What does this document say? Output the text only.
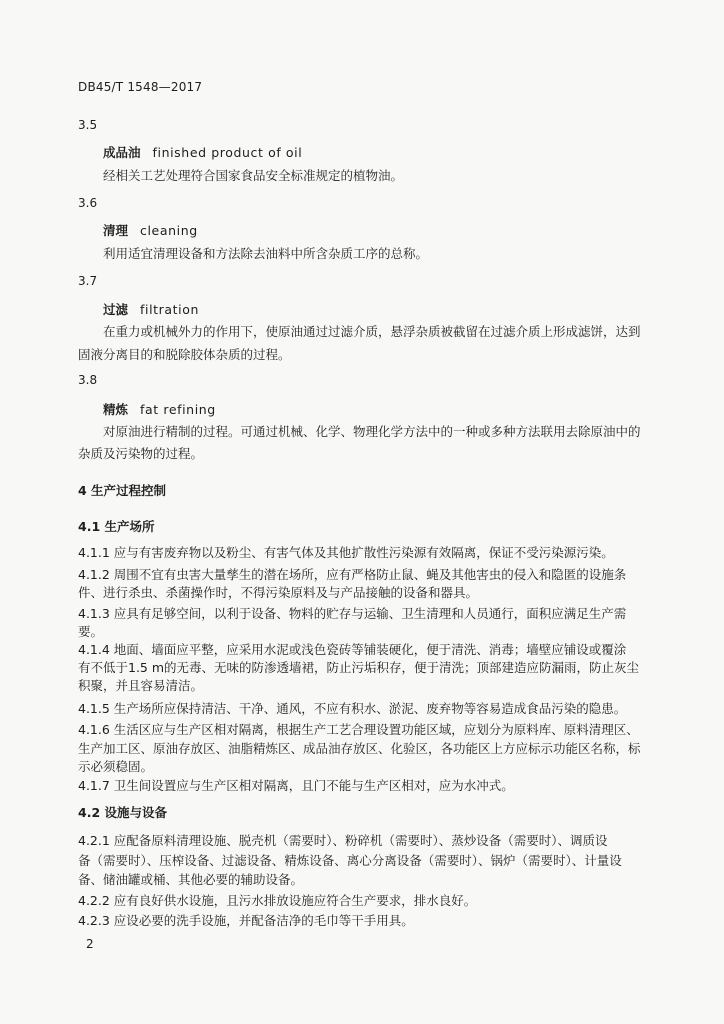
DB45/T 1548—2017
3.5
成品油 finished product of oil
经相关工艺处理符合国家食品安全标准规定的植物油。
3.6
清理 cleaning
利用适宜清理设备和方法除去油料中所含杂质工序的总称。
3.7
过滤 filtration
在重力或机械外力的作用下，使原油通过过滤介质，悬浮杂质被截留在过滤介质上形成滤饼，达到
固液分离目的和脱除胶体杂质的过程。
3.8
精炼 fat refining
对原油进行精制的过程。可通过机械、化学、物理化学方法中的一种或多种方法联用去除原油中的
杂质及污染物的过程。
4 生产过程控制
4.1 生产场所
4.1.1 应与有害废弃物以及粉尘、有害气体及其他扩散性污染源有效隔离，保证不受污染源污染。
4.1.2 周围不宜有虫害大量孳生的潜在场所，应有严格防止鼠、蝇及其他害虫的侵入和隐匿的设施条
件、进行杀虫、杀菌操作时，不得污染原料及与产品接触的设备和器具。
4.1.3 应具有足够空间，以利于设备、物料的贮存与运输、卫生清理和人员通行，面积应满足生产需
要。
4.1.4 地面、墙面应平整，应采用水泥或浅色瓷砖等铺装硬化，便于清洗、消毒；墙壁应铺设或覆涂
有不低于1.5 m的无毒、无味的防渗透墙裙，防止污垢积存，便于清洗；顶部建造应防漏雨，防止灰尘
积聚，并且容易清洁。
4.1.5 生产场所应保持清洁、干净、通风，不应有积水、淤泥、废弃物等容易造成食品污染的隐患。
4.1.6 生活区应与生产区相对隔离，根据生产工艺合理设置功能区域，应划分为原料库、原料清理区、
生产加工区、原油存放区、油脂精炼区、成品油存放区、化验区，各功能区上方应标示功能区名称，标
示必须稳固。
4.1.7 卫生间设置应与生产区相对隔离，且门不能与生产区相对，应为水冲式。
4.2 设施与设备
4.2.1 应配备原料清理设施、脱壳机（需要时）、粉碎机（需要时）、蒸炒设备（需要时）、调质设
备（需要时）、压榨设备、过滤设备、精炼设备、离心分离设备（需要时）、锅炉（需要时）、计量设
备、储油罐或桶、其他必要的辅助设备。
4.2.2 应有良好供水设施，且污水排放设施应符合生产要求，排水良好。
4.2.3 应设必要的洗手设施，并配备洁净的毛巾等干手用具。
2
